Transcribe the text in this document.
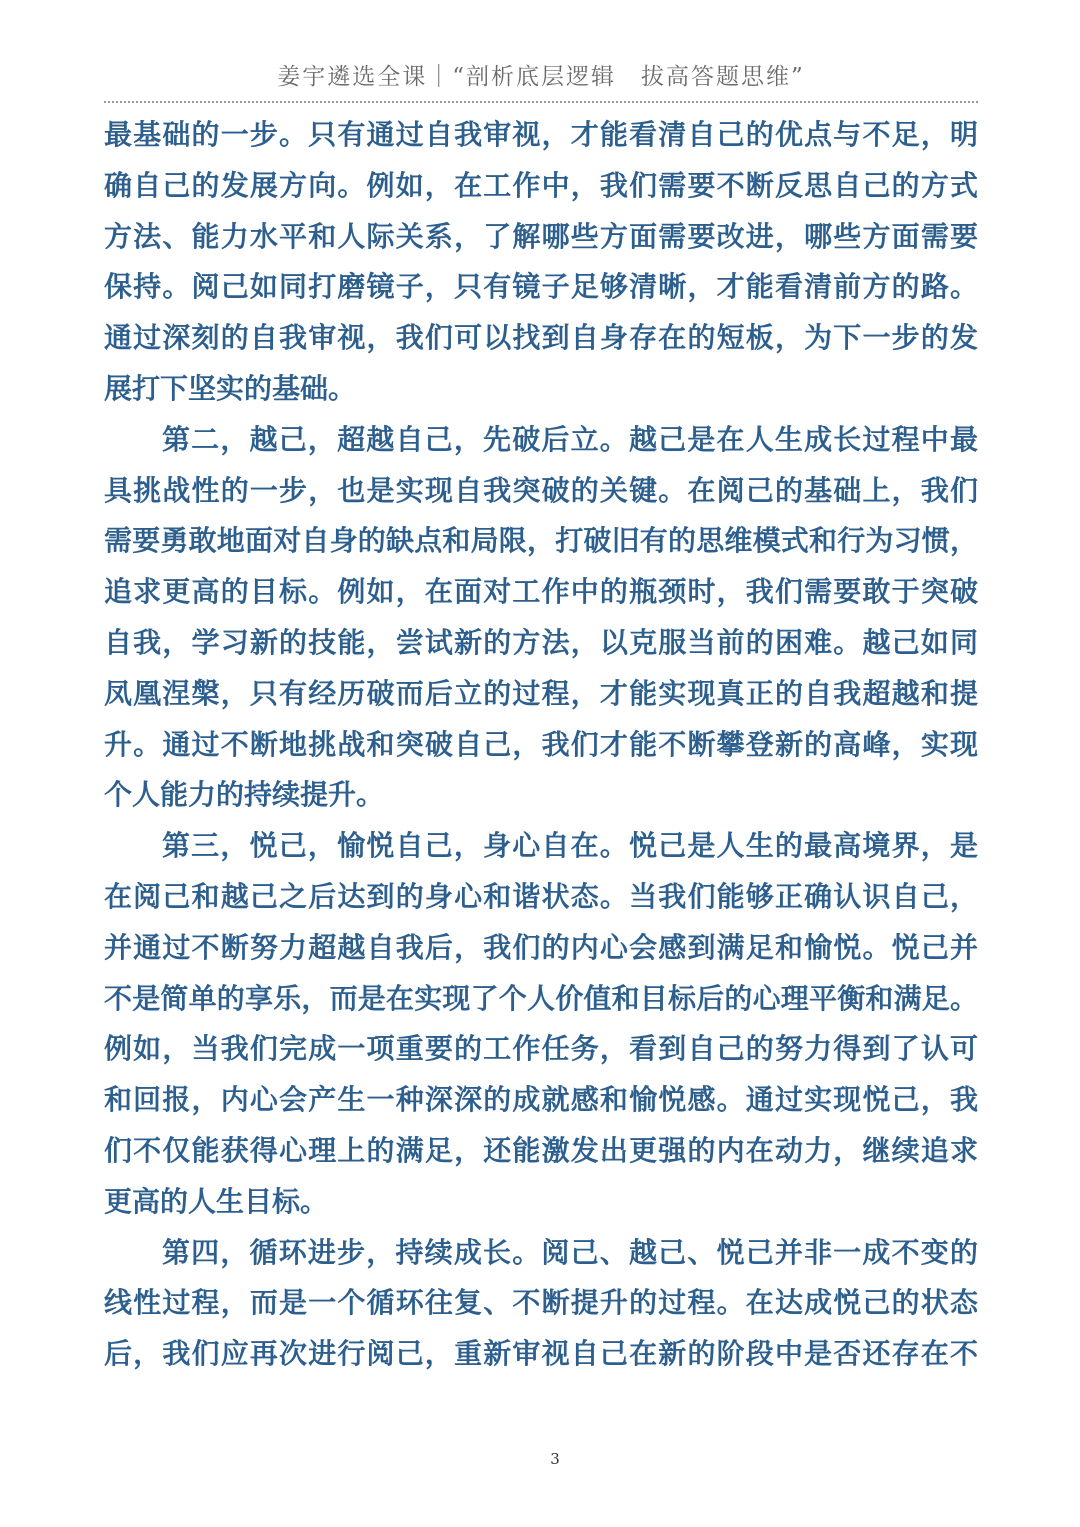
姜宇遴选全课｜“剖析底层逻辑　拔高答题思维”
最基础的一步。只有通过自我审视，才能看清自己的优点与不足，明
确自己的发展方向。例如，在工作中，我们需要不断反思自己的方式
方法、能力水平和人际关系，了解哪些方面需要改进，哪些方面需要
保持。阅己如同打磨镜子，只有镜子足够清晰，才能看清前方的路。
通过深刻的自我审视，我们可以找到自身存在的短板，为下一步的发
展打下坚实的基础。
第二，越己，超越自己，先破后立。越己是在人生成长过程中最
具挑战性的一步，也是实现自我突破的关键。在阅己的基础上，我们
需要勇敢地面对自身的缺点和局限，打破旧有的思维模式和行为习惯，
追求更高的目标。例如，在面对工作中的瓶颈时，我们需要敢于突破
自我，学习新的技能，尝试新的方法，以克服当前的困难。越己如同
凤凰涅槃，只有经历破而后立的过程，才能实现真正的自我超越和提
升。通过不断地挑战和突破自己，我们才能不断攀登新的高峰，实现
个人能力的持续提升。
第三，悦己，愉悦自己，身心自在。悦己是人生的最高境界，是
在阅己和越己之后达到的身心和谐状态。当我们能够正确认识自己，
并通过不断努力超越自我后，我们的内心会感到满足和愉悦。悦己并
不是简单的享乐，而是在实现了个人价值和目标后的心理平衡和满足。
例如，当我们完成一项重要的工作任务，看到自己的努力得到了认可
和回报，内心会产生一种深深的成就感和愉悦感。通过实现悦己，我
们不仅能获得心理上的满足，还能激发出更强的内在动力，继续追求
更高的人生目标。
第四，循环进步，持续成长。阅己、越己、悦己并非一成不变的
线性过程，而是一个循环往复、不断提升的过程。在达成悦己的状态
后，我们应再次进行阅己，重新审视自己在新的阶段中是否还存在不
3
